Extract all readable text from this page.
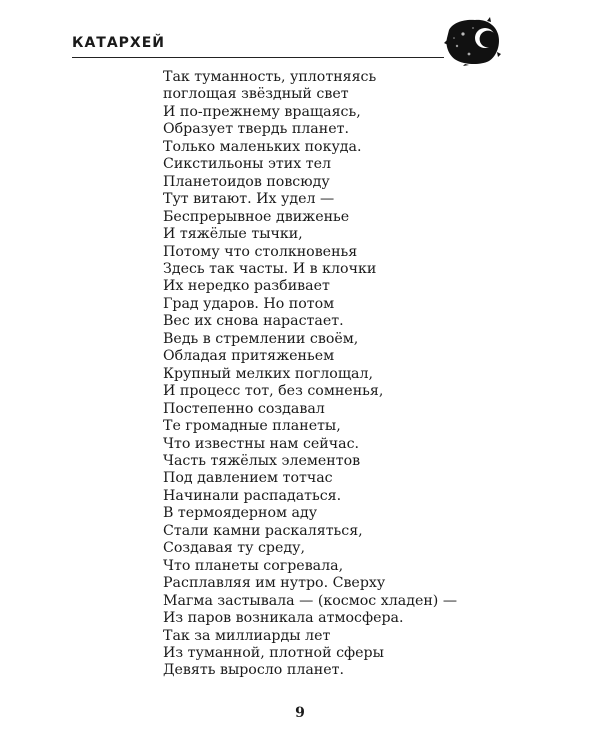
КАТАРХЕЙ
Так туманность, уплотняясь
поглощая звёздный свет
И по-прежнему вращаясь,
Образует твердь планет.
Только маленьких покуда.
Сикстильоны этих тел
Планетоидов повсюду
Тут витают. Их удел —
Беспрерывное движенье
И тяжёлые тычки,
Потому что столкновенья
Здесь так часты. И в клочки
Их нередко разбивает
Град ударов. Но потом
Вес их снова нарастает.
Ведь в стремлении своём,
Обладая притяженьем
Крупный мелких поглощал,
И процесс тот, без сомненья,
Постепенно создавал
Те громадные планеты,
Что известны нам сейчас.
Часть тяжёлых элементов
Под давлением тотчас
Начинали распадаться.
В термоядерном аду
Стали камни раскаляться,
Создавая ту среду,
Что планеты согревала,
Расплавляя им нутро. Сверху
Магма застывала — (космос хладен) —
Из паров возникала атмосфера.
Так за миллиарды лет
Из туманной, плотной сферы
Девять выросло планет.
9
